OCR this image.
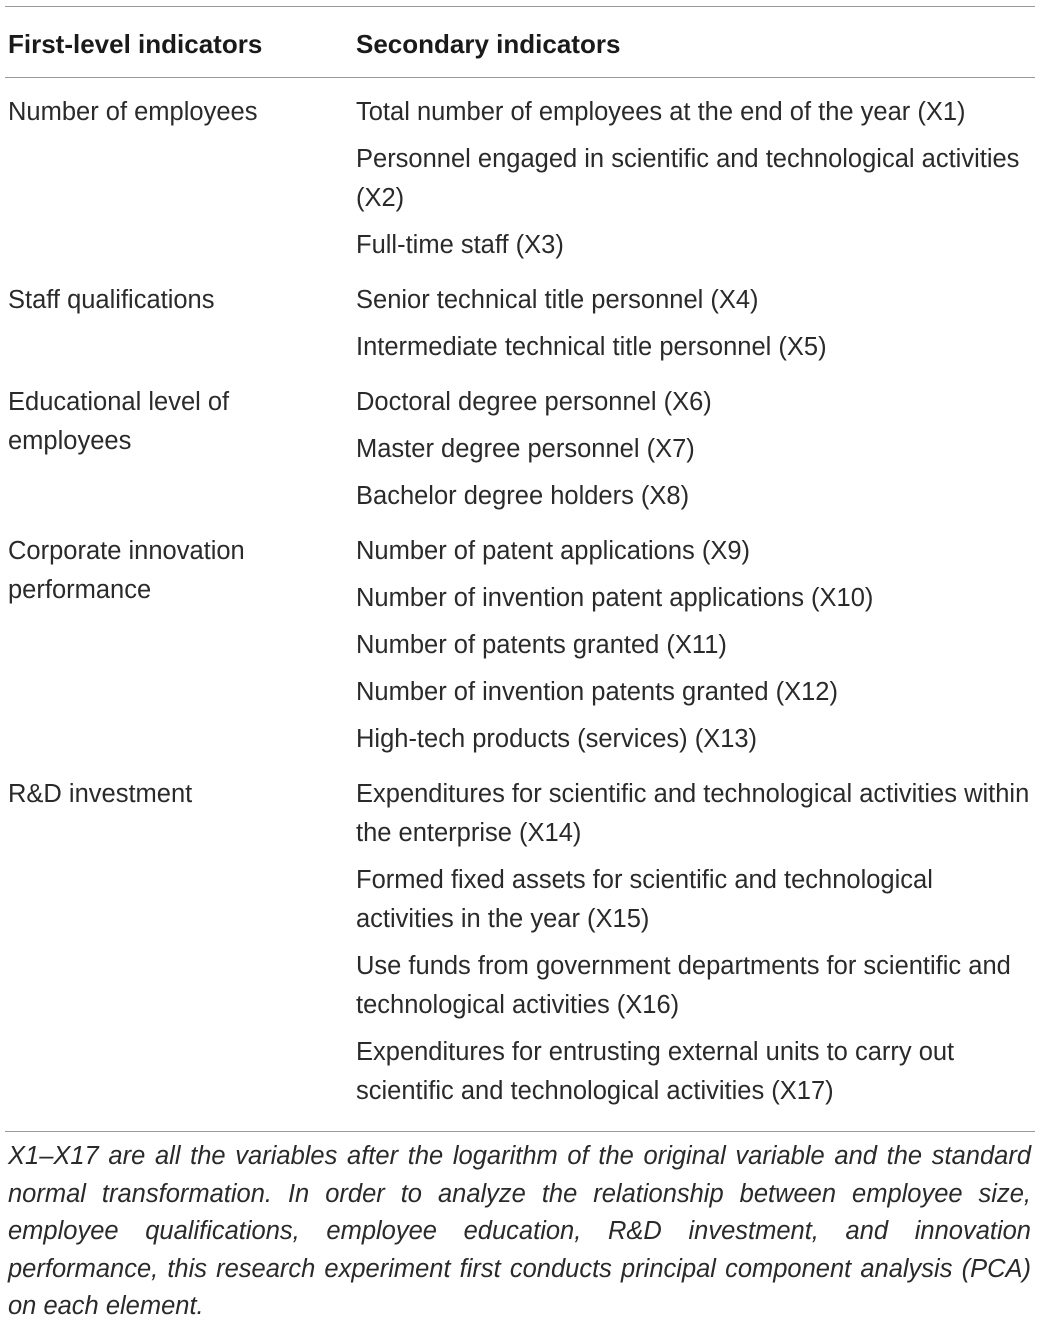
First-level indicators	Secondary indicators
Number of employees	Total number of employees at the end of the year (X1)
Personnel engaged in scientific and technological activities (X2)
Full-time staff (X3)

Staff qualifications	Senior technical title personnel (X4)
Intermediate technical title personnel (X5)

Educational level of employees	Doctoral degree personnel (X6)
Master degree personnel (X7)
Bachelor degree holders (X8)

Corporate innovation performance	Number of patent applications (X9)
Number of invention patent applications (X10)
Number of patents granted (X11)
Number of invention patents granted (X12)
High-tech products (services) (X13)

R&D investment	Expenditures for scientific and technological activities within the enterprise (X14)
Formed fixed assets for scientific and technological activities in the year (X15)
Use funds from government departments for scientific and technological activities (X16)
Expenditures for entrusting external units to carry out scientific and technological activities (X17)
X1–X17 are all the variables after the logarithm of the original variable and the standard normal transformation. In order to analyze the relationship between employee size, employee qualifications, employee education, R&D investment, and innovation performance, this research experiment first conducts principal component analysis (PCA) on each element.
